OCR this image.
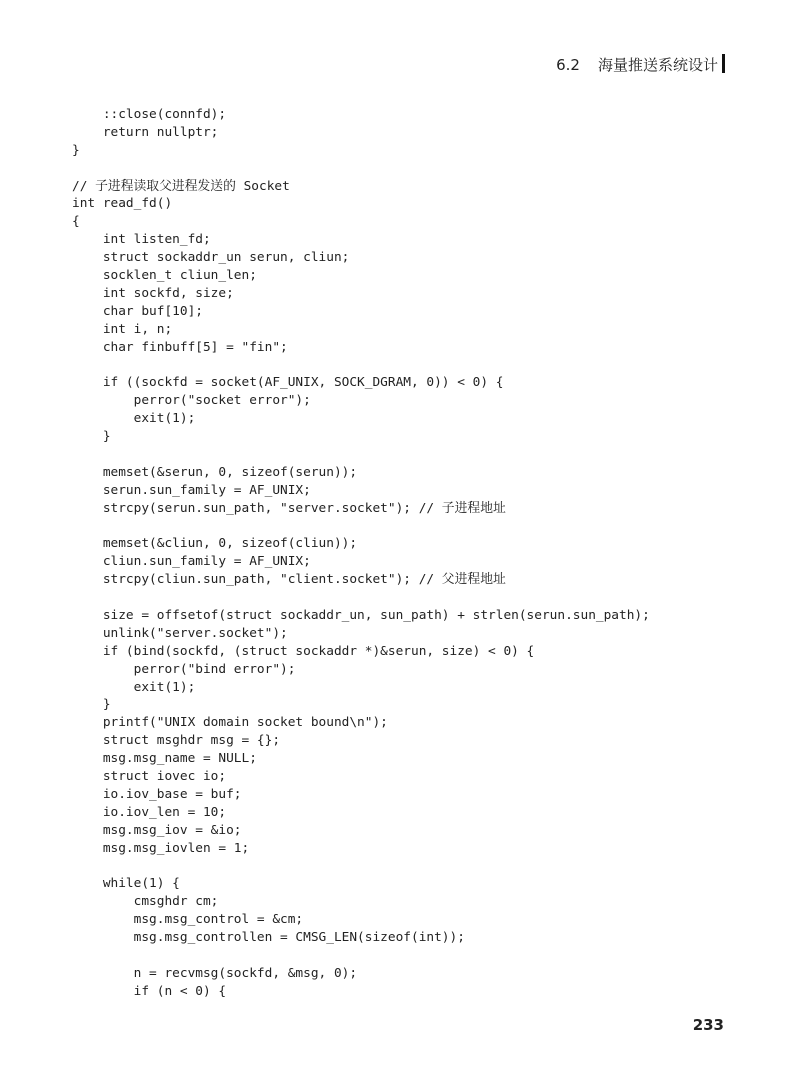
6.2 海量推送系统设计
::close(connfd);
return nullptr;
}
// 子进程读取父进程发送的 Socket
int read_fd()
{
int listen_fd;
struct sockaddr_un serun, cliun;
socklen_t cliun_len;
int sockfd, size;
char buf[10];
int i, n;
char finbuff[5] = "fin";
if ((sockfd = socket(AF_UNIX, SOCK_DGRAM, 0)) < 0) {
perror("socket error");
exit(1);
}
memset(&serun, 0, sizeof(serun));
serun.sun_family = AF_UNIX;
strcpy(serun.sun_path, "server.socket"); // 子进程地址
memset(&cliun, 0, sizeof(cliun));
cliun.sun_family = AF_UNIX;
strcpy(cliun.sun_path, "client.socket"); // 父进程地址
size = offsetof(struct sockaddr_un, sun_path) + strlen(serun.sun_path);
unlink("server.socket");
if (bind(sockfd, (struct sockaddr *)&serun, size) < 0) {
perror("bind error");
exit(1);
}
printf("UNIX domain socket bound\n");
struct msghdr msg = {};
msg.msg_name = NULL;
struct iovec io;
io.iov_base = buf;
io.iov_len = 10;
msg.msg_iov = &io;
msg.msg_iovlen = 1;
while(1) {
cmsghdr cm;
msg.msg_control = &cm;
msg.msg_controllen = CMSG_LEN(sizeof(int));
n = recvmsg(sockfd, &msg, 0);
if (n < 0) {
233
